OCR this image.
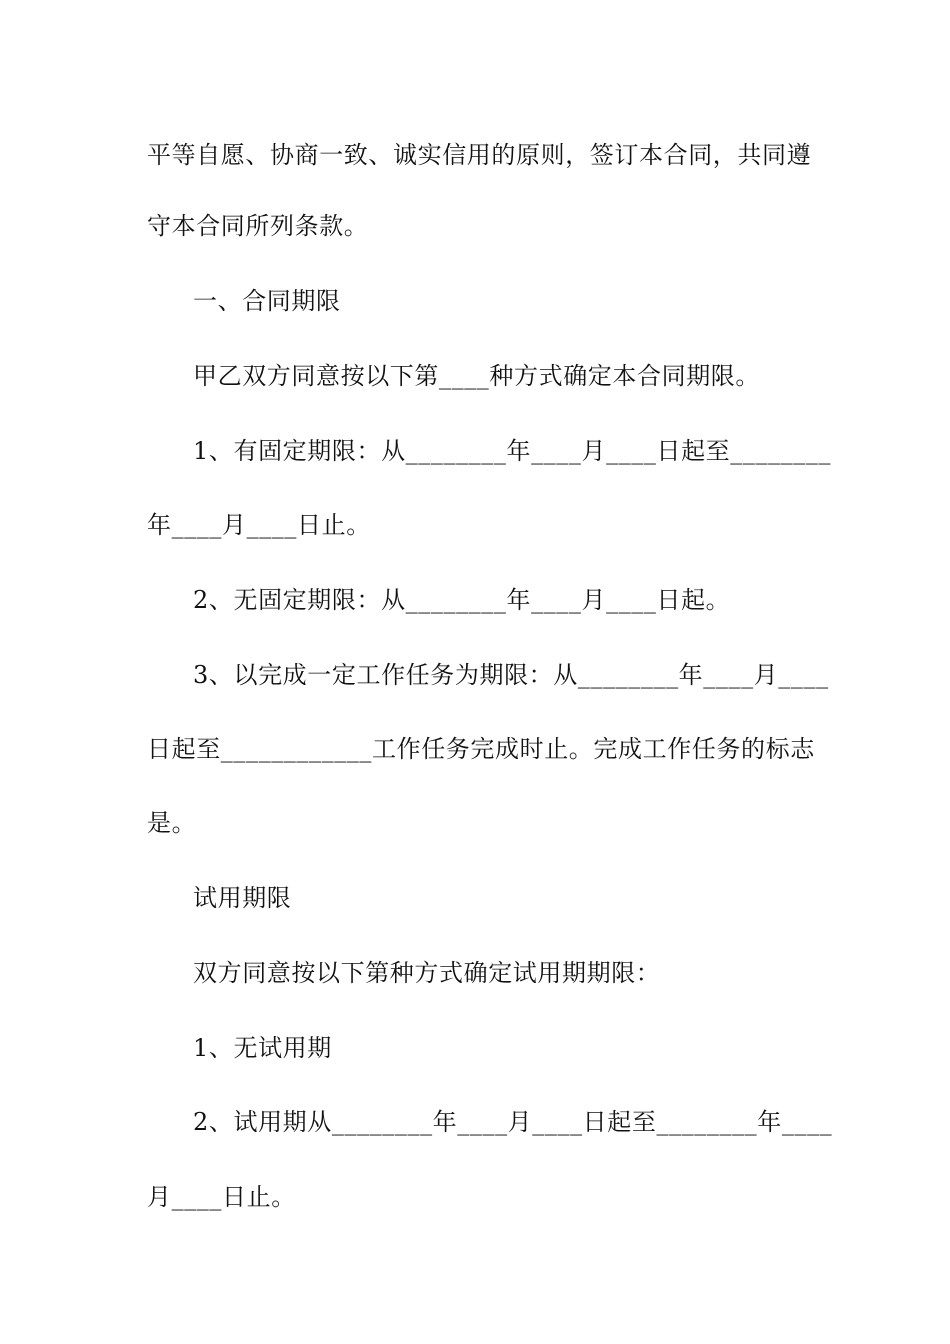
平等自愿、协商一致、诚实信用的原则，签订本合同，共同遵

守本合同所列条款。

一、合同期限

甲乙双方同意按以下第____种方式确定本合同期限。

1、有固定期限：从________年____月____日起至________

年____月____日止。

2、无固定期限：从________年____月____日起。

3、以完成一定工作任务为期限：从________年____月____

日起至____________工作任务完成时止。完成工作任务的标志

是。

试用期限

双方同意按以下第种方式确定试用期期限：

1、无试用期

2、试用期从________年____月____日起至________年____

月____日止。
